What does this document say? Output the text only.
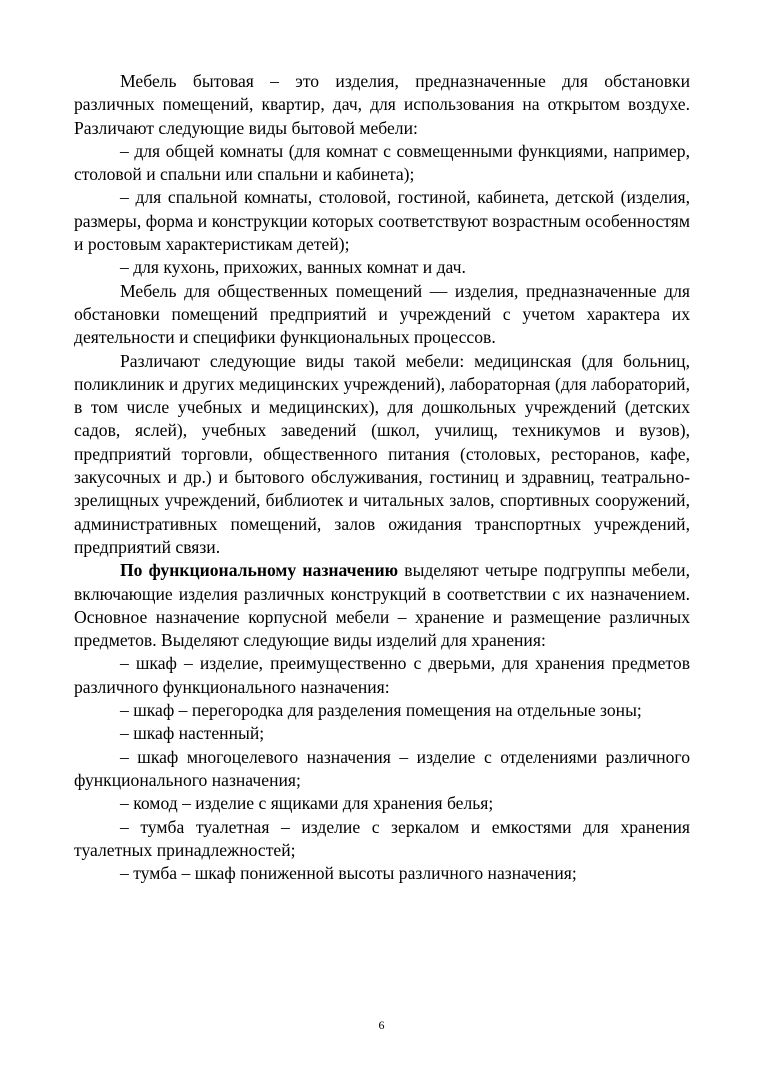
Мебель бытовая – это изделия, предназначенные для обстановки различных помещений, квартир, дач, для использования на открытом воздухе. Различают следующие виды бытовой мебели:

– для общей комнаты (для комнат с совмещенными функциями, например, столовой и спальни или спальни и кабинета);

– для спальной комнаты, столовой, гостиной, кабинета, детской (изделия, размеры, форма и конструкции которых соответствуют возрастным особенностям и ростовым характеристикам детей);

– для кухонь, прихожих, ванных комнат и дач.

Мебель для общественных помещений — изделия, предназначенные для обстановки помещений предприятий и учреждений с учетом характера их деятельности и специфики функциональных процессов.

Различают следующие виды такой мебели: медицинская (для больниц, поликлиник и других медицинских учреждений), лабораторная (для лабораторий, в том числе учебных и медицинских), для дошкольных учреждений (детских садов, яслей), учебных заведений (школ, училищ, техникумов и вузов), предприятий торговли, общественного питания (столовых, ресторанов, кафе, закусочных и др.) и бытового обслуживания, гостиниц и здравниц, театрально-зрелищных учреждений, библиотек и читальных залов, спортивных сооружений, административных помещений, залов ожидания транспортных учреждений, предприятий связи.

По функциональному назначению выделяют четыре подгруппы мебели, включающие изделия различных конструкций в соответствии с их назначением. Основное назначение корпусной мебели – хранение и размещение различных предметов. Выделяют следующие виды изделий для хранения:

– шкаф – изделие, преимущественно с дверьми, для хранения предметов различного функционального назначения:

– шкаф – перегородка для разделения помещения на отдельные зоны;

– шкаф настенный;

– шкаф многоцелевого назначения – изделие с отделениями различного функционального назначения;

– комод – изделие с ящиками для хранения белья;

– тумба туалетная – изделие с зеркалом и емкостями для хранения туалетных принадлежностей;

– тумба – шкаф пониженной высоты различного назначения;

6
